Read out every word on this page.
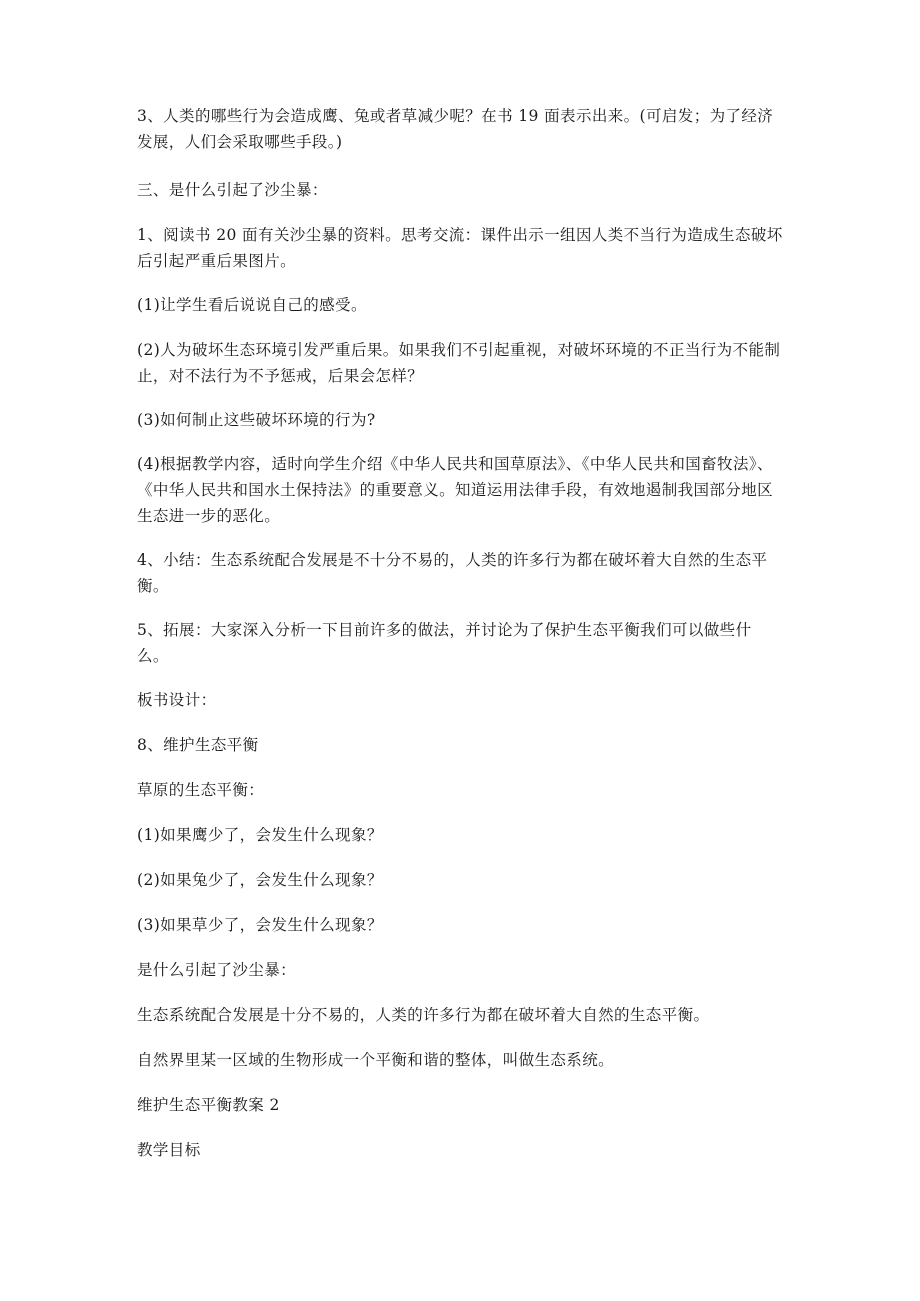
3、人类的哪些行为会造成鹰、兔或者草减少呢？在书 19 面表示出来。(可启发；为了经济发展，人们会采取哪些手段。)

三、是什么引起了沙尘暴：

1、阅读书 20 面有关沙尘暴的资料。思考交流：课件出示一组因人类不当行为造成生态破坏后引起严重后果图片。

(1)让学生看后说说自己的感受。

(2)人为破坏生态环境引发严重后果。如果我们不引起重视，对破坏环境的不正当行为不能制止，对不法行为不予惩戒，后果会怎样？

(3)如何制止这些破坏环境的行为?

(4)根据教学内容，适时向学生介绍《中华人民共和国草原法》、《中华人民共和国畜牧法》、《中华人民共和国水土保持法》的重要意义。知道运用法律手段，有效地遏制我国部分地区生态进一步的恶化。

4、小结：生态系统配合发展是不十分不易的，人类的许多行为都在破坏着大自然的生态平衡。

5、拓展：大家深入分析一下目前许多的做法，并讨论为了保护生态平衡我们可以做些什么。

板书设计：

8、维护生态平衡

草原的生态平衡：

(1)如果鹰少了，会发生什么现象？

(2)如果兔少了，会发生什么现象？

(3)如果草少了，会发生什么现象？

是什么引起了沙尘暴：

生态系统配合发展是十分不易的，人类的许多行为都在破坏着大自然的生态平衡。

自然界里某一区域的生物形成一个平衡和谐的整体，叫做生态系统。

维护生态平衡教案 2

教学目标
